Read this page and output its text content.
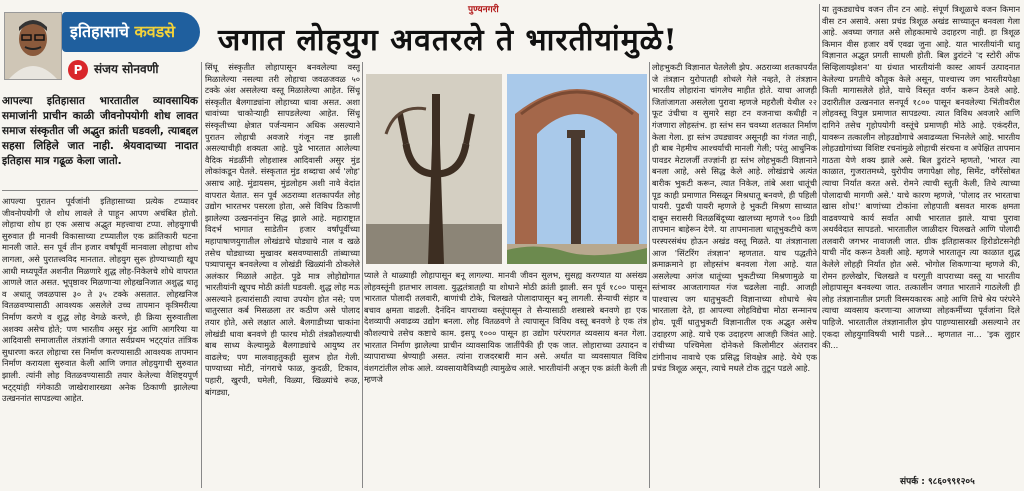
इतिहासाचे कवडसे
P संजय सोनवणी
पुण्यनगरी
जगात लोहयुग अवतरले ते भारतीयांमुळे!
आपल्या इतिहासात भारतातील व्यावसायिक समाजांनी प्राचीन काळी जीवनोपयोगी शोध लावत समाज संस्कृतीत जी अद्भुत क्रांती घडवली, त्याबद्दल सहसा लिहिले जात नाही. श्रेयवादाच्या नादात इतिहास मात्र गढूळ केला जातो.
आपल्या पुरातन पूर्वजांनी इतिहासाच्या प्रत्येक टप्प्यावर जीवनोपयोगी जे शोध लावले ते पाहून आपण अचंबित होतो. लोहाचा शोध हा एक असाच अद्भुत महत्त्वाचा टप्पा. लोहयुगाची सुरुवात ही मानवी विकासाच्या टप्प्यातील एक क्रांतिकारी घटना मानली जाते. सन पूर्व तीन हजार वर्षांपूर्वी मानवाला लोहाचा शोध लागला, असे पुरातत्त्वविद मानतात. लोहयुग सुरू होण्याच्याही खूप आधी मध्यपूर्वेत अशनीत मिळणारे शुद्ध लोह-निकेलचे शोधे वापरात आणले जात असत. भूपृष्ठावर मिळणाऱ्या लोहखनिजात अशुद्ध धातू व अधातू जवळपास ३० ते ३५ टक्के असतात. लोहखनिज वितळवण्यासाठी आवश्यक असलेले उच्च तापमान कृत्रिमरीत्या निर्माण करणे व शुद्ध लोह वेगळे करणे, ही क्रिया सुरुवातीला अशक्य असेच होते; पण भारतीय असुर मुंड आणि आगरिया या आदिवासी समाजातील तंत्रज्ञांनी जगात सर्वप्रथम भट्ट्यांत तांत्रिक सुधारणा करत लोहाचा रस निर्माण करण्यासाठी आवश्यक तापमान निर्माण करायला सुरुवात केली आणि जगात लोहयुगाची सुरुवात झाली. त्यांनी लोह वितळवण्यासाठी तयार केलेल्या वैशिष्ट्यपूर्ण भट्ट्यांही गंगेकाठी जाखेराशारख्या अनेक ठिकाणी झालेल्या उत्खननांत सापडल्या आहेत.
सिंधू संस्कृतीत लोहापासून बनवलेल्या वस्तू मिळालेल्या नसल्या तरी लोहाचा जवळजवळ ५० टक्के अंश असलेल्या वस्तू मिळालेल्या आहेत. सिंधू संस्कृतीत बैलगाड्यांना लोहाच्या धावा असत. अशा धावांच्या चाकोऱ्याही सापडलेल्या आहेत. सिंधू संस्कृतीच्या क्षेत्रात पर्जन्यमान अधिक असल्याने पुरातन लोहाची अवजारे गंजून नष्ट झाली असल्याचीही शक्यता आहे. पुढे भारतात आलेल्या वैदिक मंडळींनी लोहशास्त्र आदिवासी असुर मुंड लोकांकडून घेतले. संस्कृतात मुंड शब्दाचा अर्थ 'लोह' असाच आहे. मुंडायसम, मुंडलोहम अशी नावे वेदांत वापरात येतात. सन पूर्व अठराव्या शतकापर्यंत लोह उद्योग भारतभर पसरला होता, असे विविध ठिकाणी झालेल्या उत्खननांनुन सिद्ध झाले आहे. महाराष्ट्रात विदर्भ भागात साडेतीन हजार वर्षांपूर्वीच्या महापाषाणयुगातील लोखंडाचे घोड्याचे नाल व खळे तसेच घोड्याच्या मुखावर बसवण्यासाठी तांब्याच्या पत्र्यापासून बनवलेल्या व लोखंडी खिळ्यांनी ठोकलेले अलंकार मिळाले आहेत. पुढे मात्र लोहोद्योगात भारतीयांनी खूपच मोठी क्रांती घडवली. शुद्ध लोह मऊ असल्याने हत्यारांसाठी त्याचा उपयोग होत नसे; पण धातुरसात कर्ब मिसळला तर कठीण असे पोलाद तयार होते, असे लक्षात आले. बैलगाडीच्या चाकांना लोखंडी धावा बनवणे ही फारच मोठी तंत्रक्रौशल्याची बाब साध्य केल्यामुळे बैलगाड्यांचे आयुष्य तर वाढलेच; पण मालवाहतुकही सुलभ होत गेली. पाण्याच्या मोटी, नांगराचे फाळ, कुदळी, टिकाव, पहारी, खुरपी, घमेली, विळ्या, खिळ्यांचे रूळ, बांगड्या,
प्याले ते थाळ्याही लोहापासून बनू लागल्या. मानवी जीवन सुलभ, सुसह्य करण्यात या असंख्य लोहवस्तूंनी हातभार लावला. युद्धतंत्रातही या शोधाने मोठी क्रांती झाली. सन पूर्व १८०० पासून भारतात पोलादी तलवारी, बाणांची टोके, चिलखते पोलादापासून बनू लागली. सैन्याची संहार व बचाव क्षमता वाढली. दैनंदिन वापराच्या वस्तूंपासून ते सैन्यासाठी शस्त्रास्त्रे बनवणे हा एक देशव्यापी अवाढव्य उद्योग बनला. लोह वितळवणे ते त्यापासून विविध वस्तू बनवणे हे एक तंत्र कौशल्याचे तसेच कष्टाचे काम. इसपू १००० पासून हा उद्योग परंपरागत व्यवसाय बनत गेला. भारतात निर्माण झालेल्या प्राचीन व्यावसायिक जातींपैकी ही एक जात. लोहाराच्या उत्पादन व व्यापाराच्या श्रेण्याही असत. त्यांना राजदरबारी मान असे. अर्थात या व्यवसायात विविध वंशगटांतील लोक आले. व्यवसायावैविध्यही त्यामुळेच आले. भारतीयांनी अजून एक क्रांती केली ती म्हणजे
लोहभुकटी विज्ञानात घेतलेली झेप. अठराव्या शतकापर्यंत जे तंत्रज्ञान युरोपातही शोधले गेले नव्हते, ते तंत्रज्ञान भारतीय लोहारांना चांगलेच माहीत होते. याचा आजही जितांजागता असलेला पुरावा म्हणजे महरौली येथील २२ फूट उंचीचा व सुमारे सहा टन वजनाचा कधीही न गंजणारा लोहस्तंभ. हा स्तंभ सन चवथ्या शतकात निर्माण केला गेला. हा स्तंभ उघड्यावर असूनही का गंजत नाही, ही बाब नेहमीच आश्चर्याची मानली गेली; परंतु आधुनिक पावडर मेटालर्जी तज्ज्ञांनी हा स्तंभ लोहभुकटी विज्ञानाने बनला आहे, असे सिद्ध केले आहे. लोखंडाचे अत्यंत बारीक भुकटी करून, त्यात निकेल, तांबे अशा धातूंची पूड काही प्रमाणात मिसळून मिश्रधातू बनवणे, ही पहिली पायरी. पुढची पायरी म्हणजे हे भुकटी मिश्रण साच्यात दाबून सरासरी वितळबिंदूच्या खालच्या म्हणजे ९०० डिग्री तापमान बाहेरून देणे. या तापमानाला धातूभुकटीचे कण परस्परसंबंध होऊन अखंड वस्तू मिळते. या तंत्रज्ञानाला आज 'सिंटरिंग तंत्रज्ञान' म्हणतात. याच पद्धतीने क्रमाक्रमाने हा लोहस्तंभ बनवला गेला आहे. यात असलेल्या अगंज धातूंच्या भुकटीच्या मिश्रणामुळे या स्तंभावर आजतागायत गंज चढलेला नाही. आजही पाश्चात्त्य जग धातुभुकटी विज्ञानाच्या शोधाचे श्रेय भारताला देते, हा आपल्या लोहविद्येचा मोठा सन्मानच होय. पूर्वी धातुभुकटी विज्ञानातील एक अद्भुत असेच उदाहरण आहे. याचे एक उदाहरण आजही जिवंत आहे. रांचीच्या पश्चिमेला दोनेकशे किलोमीटर अंतरावर टांगीनाथ नावाचे एक प्रसिद्ध शिवक्षेत्र आहे. येथे एक प्रचंड त्रिशूळ असून, त्याचे मधले टोक तुटून पडले आहे.
या तुकड्याचेच वजन तीन टन आहे. संपूर्ण त्रिशूळाचे वजन किमान वीस टन असावे. असा प्रचंड त्रिशूळ अखंड साच्यातून बनवला गेला आहे. अवघ्या जगात असे लोहकामाचे उदाहरण नाही. हा त्रिशूळ किमान वीस हजार वर्षे एवढा जुना आहे. यात भारतीयांनी धातू विज्ञानात अद्भुत प्रगती साधली होती. बिल डुरांटने 'द स्टोरी ऑफ सिव्हिलायझेशन' या ग्रंथात भारतीयांनी कास्ट आयर्न उत्पादनात केलेल्या प्रगतीचे कौतुक केले असून, पाश्चात्त्य जग भारतीयपेक्षा किती मागासलेले होते, याचे विस्तृत वर्णन करून ठेवले आहे. उदारीतील उत्खननात सनपूर्व १८०० पासून बनवलेल्या भिंतीवरील लोहवस्तू विपुल प्रमाणात सापडल्या. त्यात विविध अवजारे आणि दागिने तसेच गृहोपयोगी वस्तूंचे प्रमाणही मोठे आहे. एकंदरीत, यावरून तत्कालीन लोहउद्योगाचे अवाढव्यता भिनलेले आहे. भारतीय लोहउद्योगांच्या विशिष्ट रचनांमुळे लोहाची संरचना व अपेक्षित तापमान गाठता येणे शक्य झाले असे. बिल डुरांटने म्हणतो, 'भारत त्या काळात, गुजरातमध्ये, युरोपीय जगापेक्षा लोह, सिमेंट, वगैरेंसोबत त्याचा निर्यात करत असे. रोमने त्याची स्तुती केली, तिथे त्याच्या पोलादाची मागणी असे.' याचे कारण म्हणजे, 'पोलाद तर भारताचा खास शोध!' बाणांच्या टोकांना लोहपाती बसवत मारक क्षमता वाढवण्याचे कार्य सर्वात आधी भारतात झाले. याचा पुरावा अथर्ववेदात सापडतो. भारतातील जाळीदार चिलखते आणि पोलादी तलवारी जगभर नावाजली जात. ग्रीक इतिहासकार हिरोडोटसनेही याची नोंद करून ठेवली आहे. म्हणजे भारतातून त्या काळात शुद्ध केलेले लोहही निर्यात होत असे. भोगोल शिकणाऱ्या म्हणजे की, रोमन हल्लेखोर, चिलखते व घरगुती वापराच्या वस्तू या भारतीय लोहापासून बनवल्या जात. तत्कालीन जगात भारताने गाठलेली ही लोह तंत्रज्ञानातील प्रगती विस्मयकारक आहे आणि तिचे श्रेय परंपरेने त्याचा व्यवसाय करणाऱ्या आजच्या लोहकर्मीच्या पूर्वजांना दिले पाहिजे. भारतातील तंत्रज्ञानातील झेप पाहण्यासारखी असल्याने तर एकदा लोहयुगाविषयी भारी पडले... म्हणतात ना... 'इक लुहार की...
संपर्क : ९८६०९९१२०५
